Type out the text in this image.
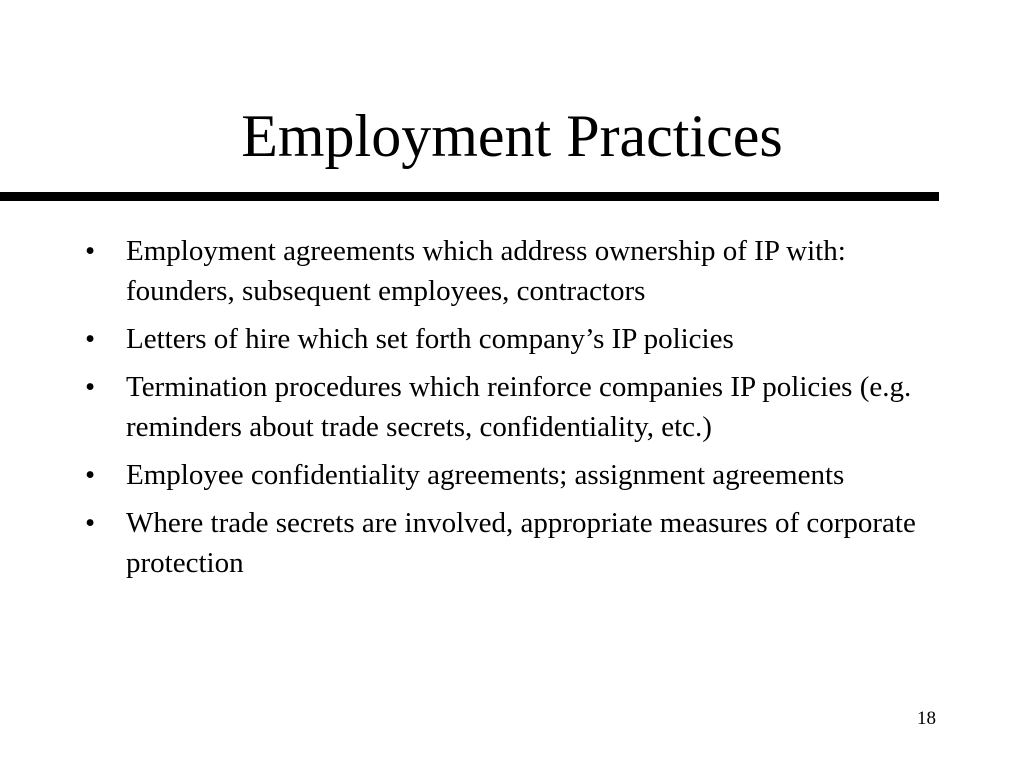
Employment Practices
•	Employment agreements which address ownership of IP with: founders, subsequent employees, contractors
•	Letters of hire which set forth company’s IP policies
•	Termination procedures which reinforce companies IP policies (e.g. reminders about trade secrets, confidentiality, etc.)
•	Employee confidentiality agreements; assignment agreements
•	Where trade secrets are involved, appropriate measures of corporate protection
18
